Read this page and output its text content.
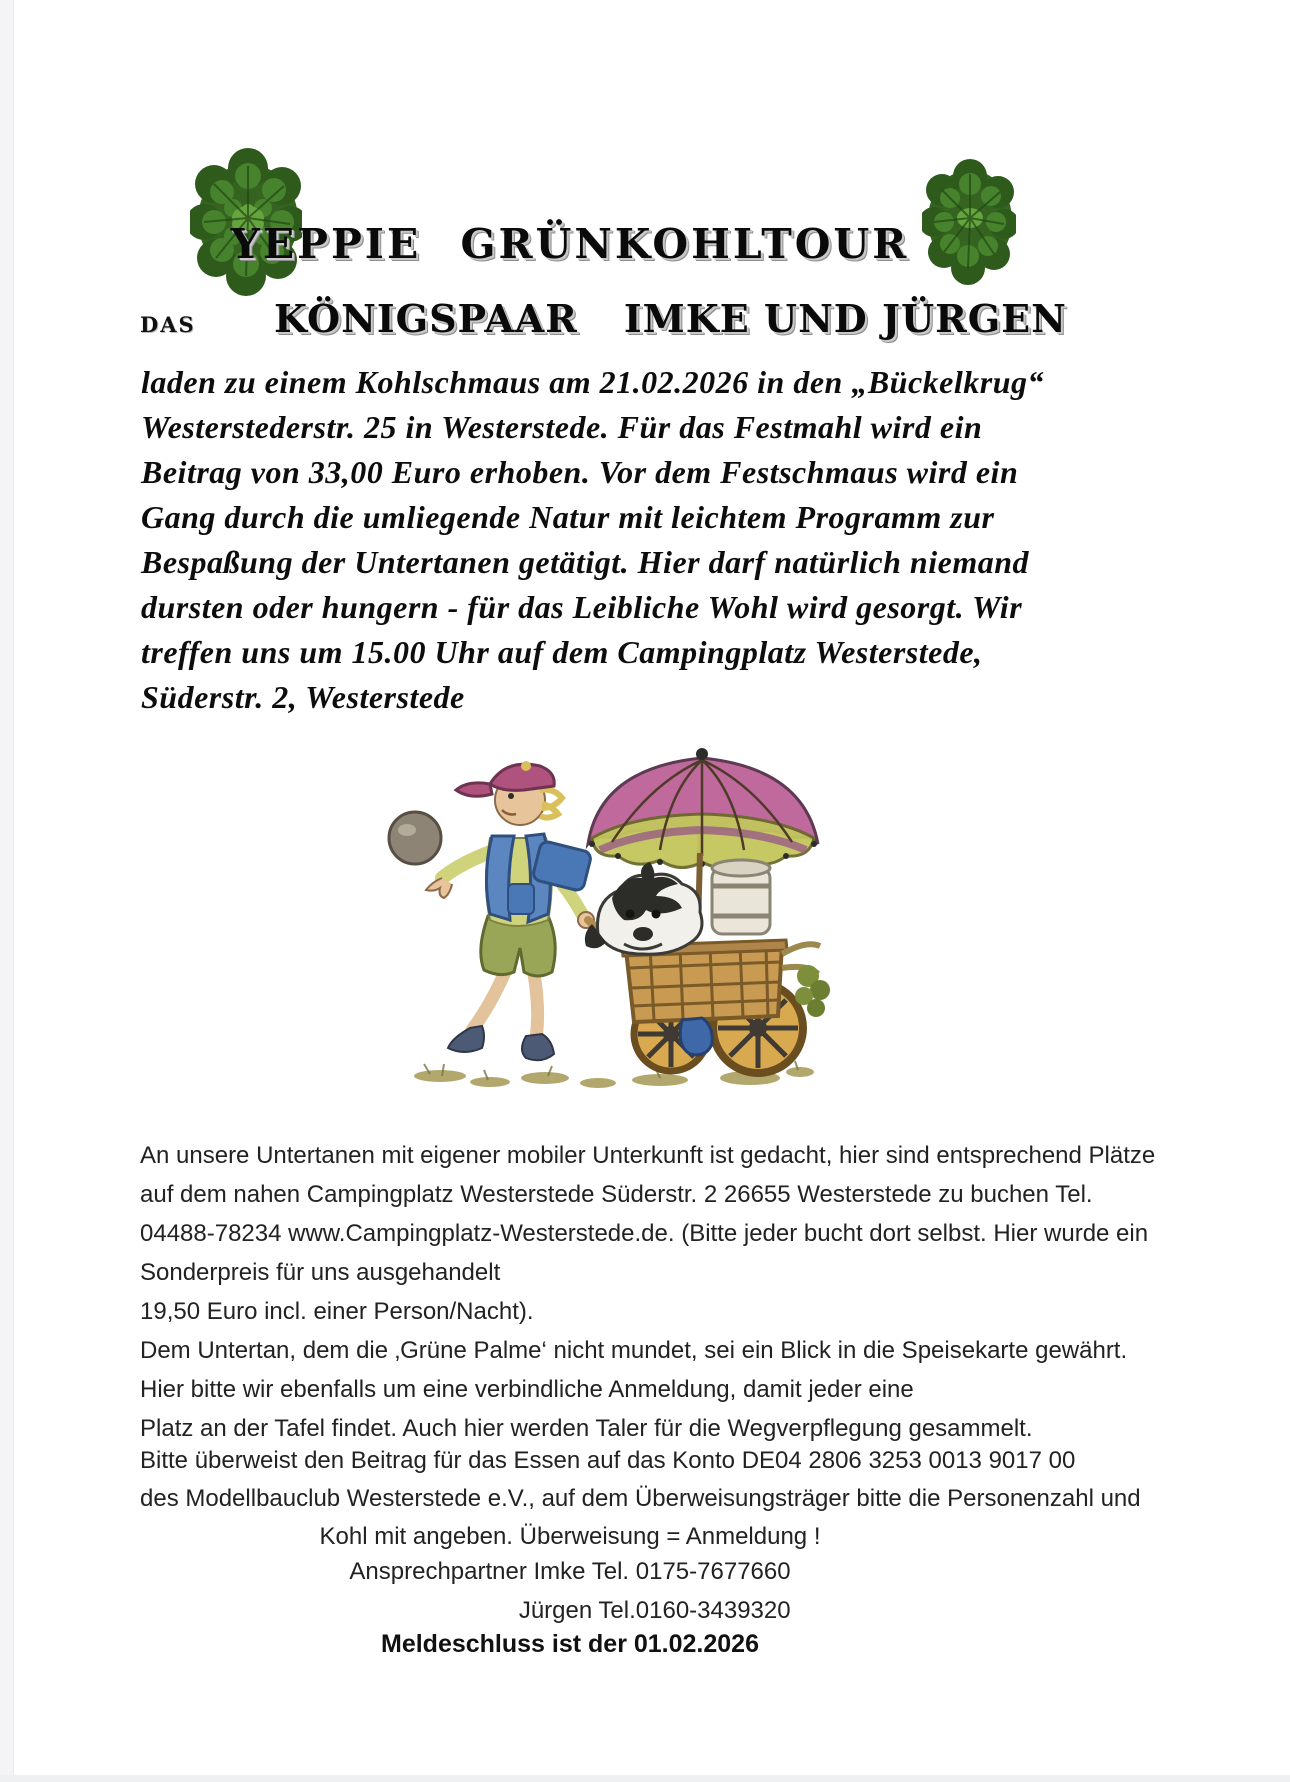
YEPPIE GRÜNKOHLTOUR
DAS	KÖNIGSPAAR IMKE UND JÜRGEN
laden zu einem Kohlschmaus am 21.02.2026 in den „Bückelkrug“
Westerstederstr. 25 in Westerstede. Für das Festmahl wird ein
Beitrag von 33,00 Euro erhoben. Vor dem Festschmaus wird ein
Gang durch die umliegende Natur mit leichtem Programm zur
Bespaßung der Untertanen getätigt. Hier darf natürlich niemand
dursten oder hungern - für das Leibliche Wohl wird gesorgt. Wir
treffen uns um 15.00 Uhr auf dem Campingplatz Westerstede,
Süderstr. 2, Westerstede
An unsere Untertanen mit eigener mobiler Unterkunft ist gedacht, hier sind entsprechend Plätze
auf dem nahen Campingplatz Westerstede Süderstr. 2 26655 Westerstede zu buchen Tel.
04488-78234 www.Campingplatz-Westerstede.de. (Bitte jeder bucht dort selbst. Hier wurde ein
Sonderpreis für uns ausgehandelt
19,50 Euro incl. einer Person/Nacht).
Dem Untertan, dem die ‚Grüne Palme‘ nicht mundet, sei ein Blick in die Speisekarte gewährt.
Hier bitte wir ebenfalls um eine verbindliche Anmeldung, damit jeder eine
Platz an der Tafel findet. Auch hier werden Taler für die Wegverpflegung gesammelt.
Bitte überweist den Beitrag für das Essen auf das Konto DE04 2806 3253 0013 9017 00
des Modellbauclub Westerstede e.V., auf dem Überweisungsträger bitte die Personenzahl und
Kohl mit angeben. Überweisung = Anmeldung !
Ansprechpartner Imke Tel. 0175-7677660
Jürgen Tel.0160-3439320
Meldeschluss ist der 01.02.2026
